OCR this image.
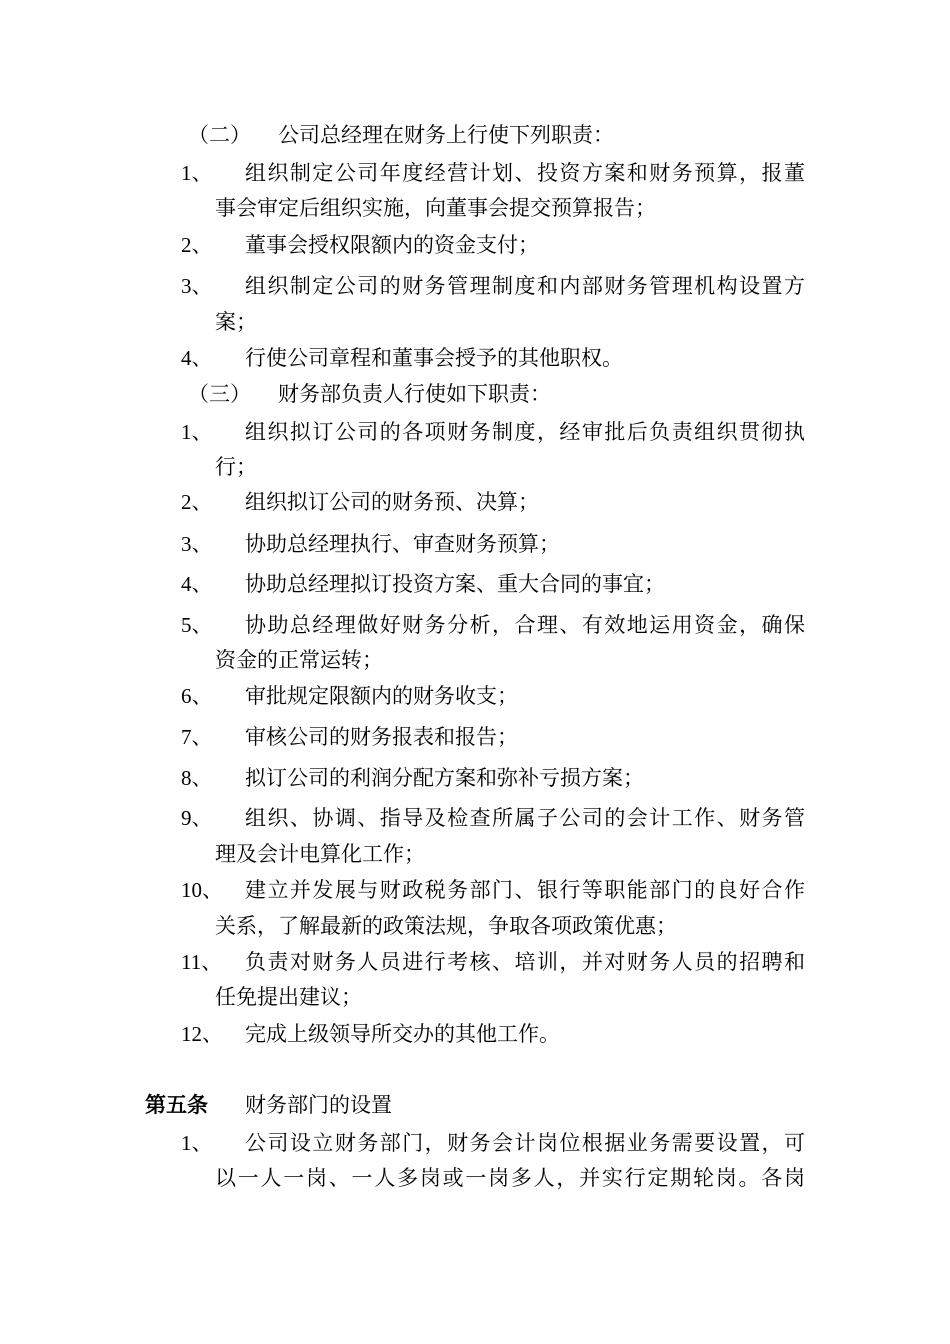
（二） 公司总经理在财务上行使下列职责：
1、 组织制定公司年度经营计划、投资方案和财务预算，报董
事会审定后组织实施，向董事会提交预算报告；
2、 董事会授权限额内的资金支付；
3、 组织制定公司的财务管理制度和内部财务管理机构设置方
案；
4、 行使公司章程和董事会授予的其他职权。
（三） 财务部负责人行使如下职责：
1、 组织拟订公司的各项财务制度，经审批后负责组织贯彻执
行；
2、 组织拟订公司的财务预、决算；
3、 协助总经理执行、审查财务预算；
4、 协助总经理拟订投资方案、重大合同的事宜；
5、 协助总经理做好财务分析，合理、有效地运用资金，确保
资金的正常运转；
6、 审批规定限额内的财务收支；
7、 审核公司的财务报表和报告；
8、 拟订公司的利润分配方案和弥补亏损方案；
9、 组织、协调、指导及检查所属子公司的会计工作、财务管
理及会计电算化工作；
10、 建立并发展与财政税务部门、银行等职能部门的良好合作
关系，了解最新的政策法规，争取各项政策优惠；
11、 负责对财务人员进行考核、培训，并对财务人员的招聘和
任免提出建议；
12、 完成上级领导所交办的其他工作。
第五条 财务部门的设置
1、 公司设立财务部门，财务会计岗位根据业务需要设置，可
以一人一岗、一人多岗或一岗多人，并实行定期轮岗。各岗
